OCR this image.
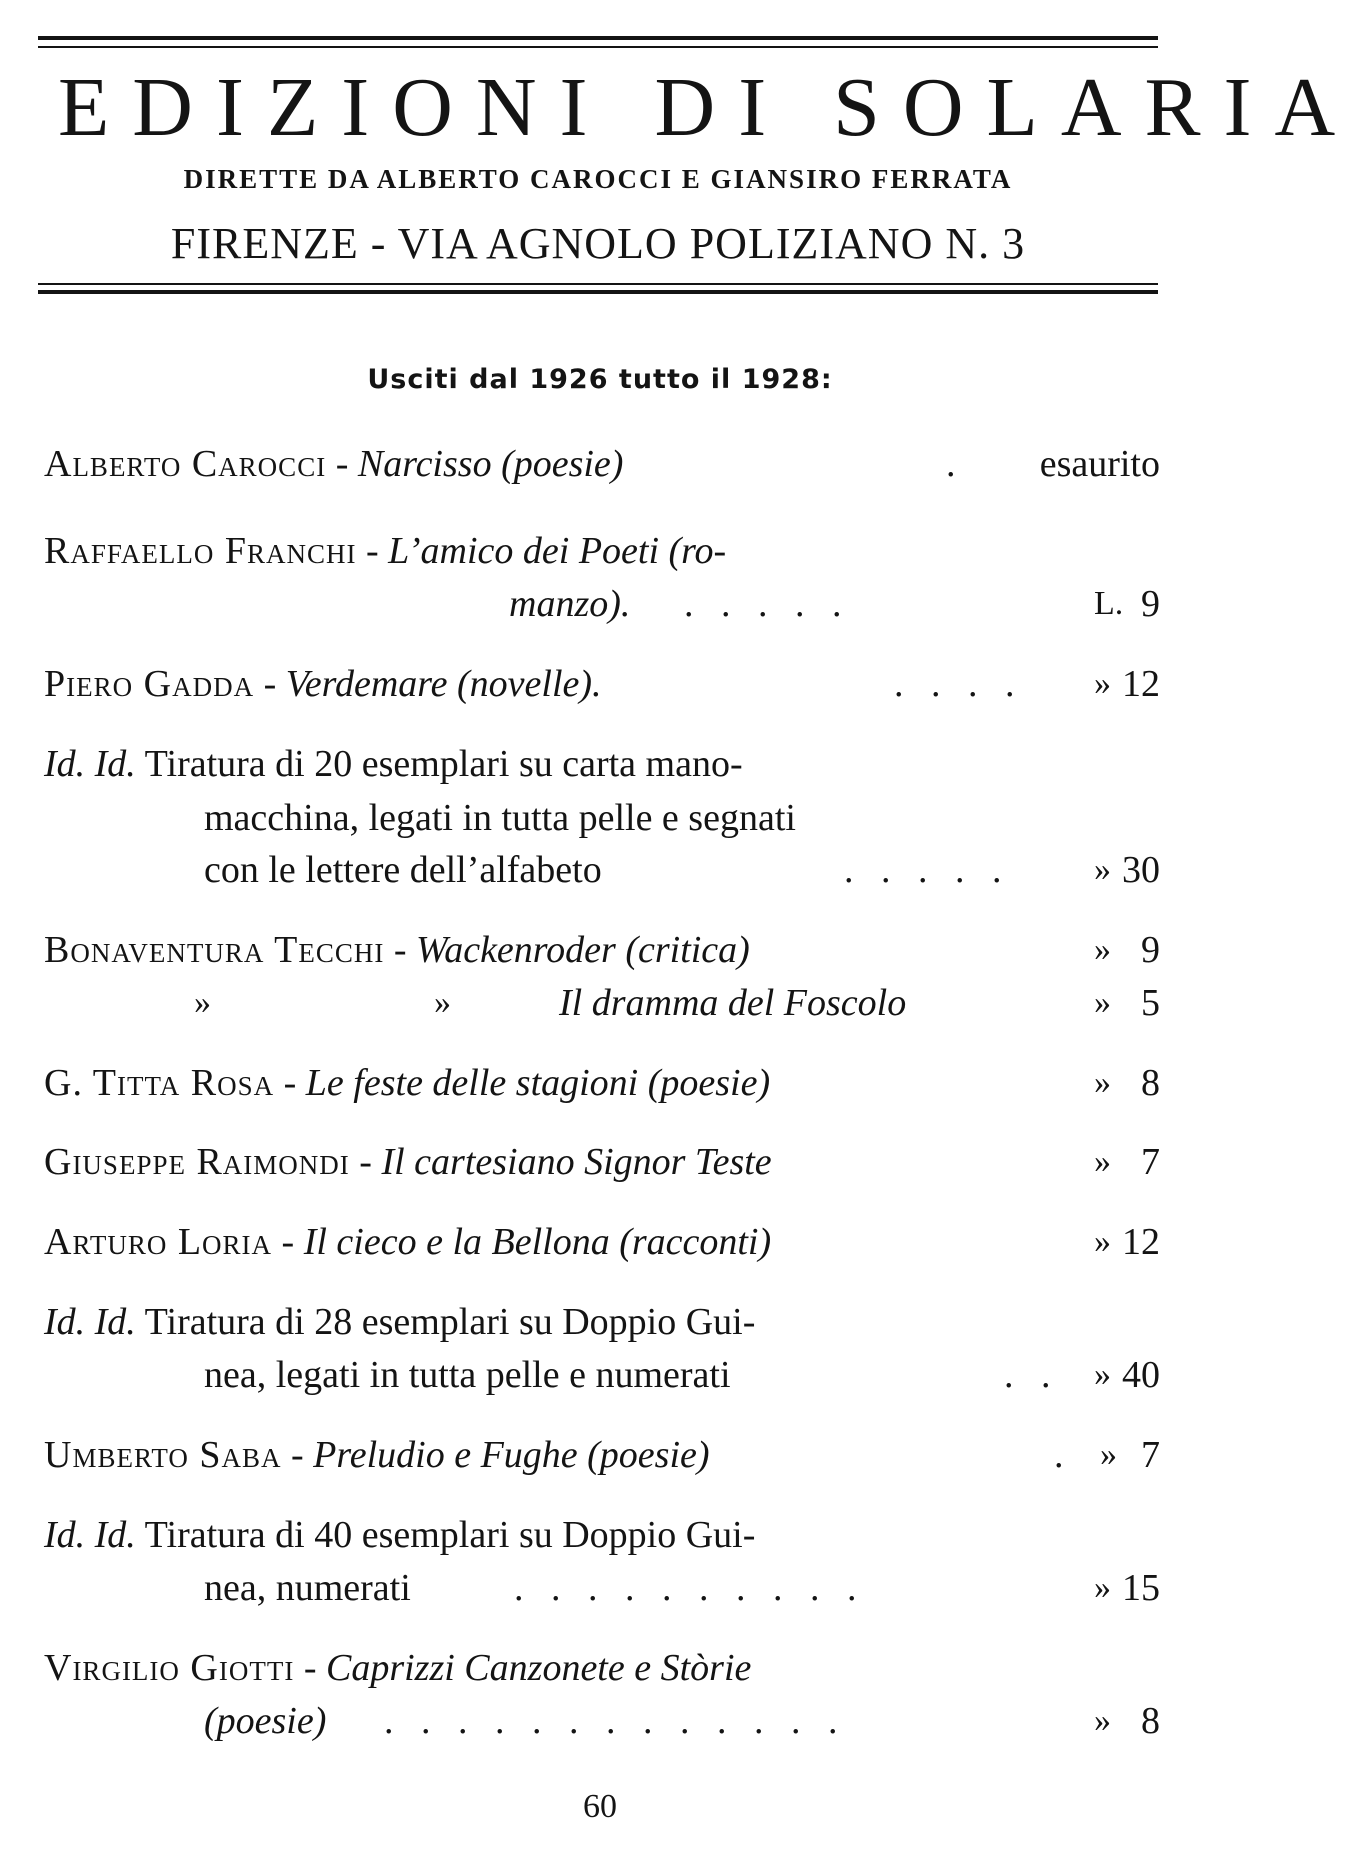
EDIZIONI DI SOLARIA
DIRETTE DA ALBERTO CAROCCI E GIANSIRO FERRATA
FIRENZE - VIA AGNOLO POLIZIANO N. 3
Usciti dal 1926 tutto il 1928:
Alberto Carocci - Narcisso (poesie)	. esaurito
Raffaello Franchi - L’amico dei Poeti (ro-
manzo). . . . . .	L. 9
Piero Gadda - Verdemare (novelle).	. . . . » 12
Id. Id. Tiratura di 20 esemplari su carta mano-
macchina, legati in tutta pelle e segnati
con le lettere dell’alfabeto	. . . . . » 30
Bonaventura Tecchi - Wackenroder (critica)	» 9
»	»	Il dramma del Foscolo	» 5
G. Titta Rosa - Le feste delle stagioni (poesie)	» 8
Giuseppe Raimondi - Il cartesiano Signor Teste	» 7
Arturo Loria - Il cieco e la Bellona (racconti)	» 12
Id. Id. Tiratura di 28 esemplari su Doppio Gui-
nea, legati in tutta pelle e numerati	. . » 40
Umberto Saba - Preludio e Fughe (poesie)	. » 7
Id. Id. Tiratura di 40 esemplari su Doppio Gui-
nea, numerati	. . . . . . . . . .	» 15
Virgilio Giotti - Caprizzi Canzonete e Stòrie
(poesie) . . . . . . . . . . . . .	» 8
60
